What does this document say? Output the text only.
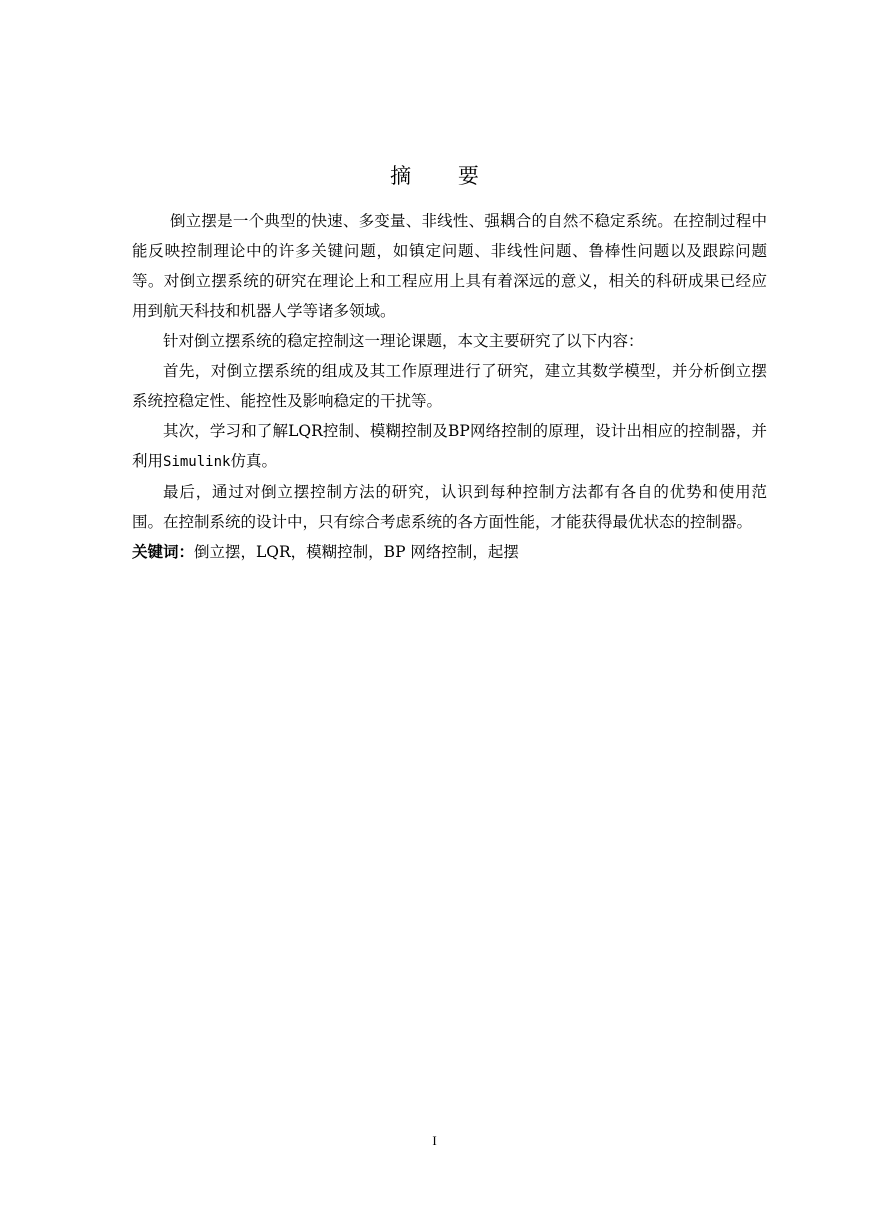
摘 要

倒立摆是一个典型的快速、多变量、非线性、强耦合的自然不稳定系统。在控制过程中能反映控制理论中的许多关键问题，如镇定问题、非线性问题、鲁棒性问题以及跟踪问题等。对倒立摆系统的研究在理论上和工程应用上具有着深远的意义，相关的科研成果已经应用到航天科技和机器人学等诸多领域。

针对倒立摆系统的稳定控制这一理论课题，本文主要研究了以下内容：

首先，对倒立摆系统的组成及其工作原理进行了研究，建立其数学模型，并分析倒立摆系统控稳定性、能控性及影响稳定的干扰等。

其次，学习和了解LQR控制、模糊控制及BP网络控制的原理，设计出相应的控制器，并利用Simulink仿真。

最后，通过对倒立摆控制方法的研究，认识到每种控制方法都有各自的优势和使用范围。在控制系统的设计中，只有综合考虑系统的各方面性能，才能获得最优状态的控制器。

关键词：倒立摆，LQR，模糊控制，BP 网络控制，起摆

I
